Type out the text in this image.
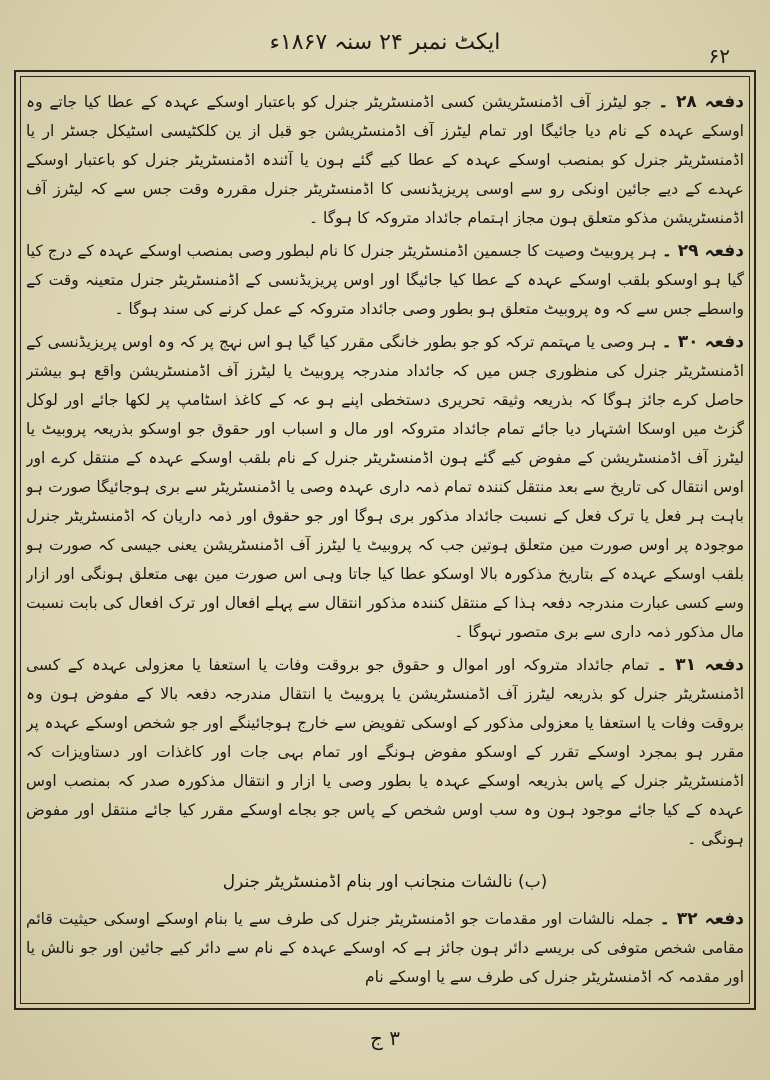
ایکٹ نمبر ۲۴ سنہ ۱۸۶۷ء
۶۲

دفعہ ۲۸ ۔ جو لیٹرز آف اڈمنسٹریشن کسی اڈمنسٹریٹر جنرل کو باعتبار اوسکے عہدہ کے عطا کیا جاتے وہ اوسکے عہدہ کے نام دیا جائیگا اور تمام لیٹرز آف اڈمنسٹریشن جو قبل از ین کلکٹیسی اسٹیکل جسٹر ار یا اڈمنسٹریٹر جنرل کو بمنصب اوسکے عہدہ کے عطا کیے گئے ہون یا آئندہ اڈمنسٹریٹر جنرل کو باعتبار اوسکے عہدے کے دیے جائین اونکی رو سے اوسی پریزیڈنسی کا اڈمنسٹریٹر جنرل مقررہ وقت جس سے کہ لیٹرز آف اڈمنسٹریشن مذکو متعلق ہون مجاز اہتمام جائداد متروکہ کا ہوگا ۔

دفعہ ۲۹ ۔ ہر پروبیٹ وصیت کا جسمین اڈمنسٹریٹر جنرل کا نام لبطور وصی بمنصب اوسکے عہدہ کے درج کیا گیا ہو اوسکو بلقب اوسکے عہدہ کے عطا کیا جائیگا اور اوس پریزیڈنسی کے اڈمنسٹریٹر جنرل متعینہ وقت کے واسطے جس سے کہ وہ پروبیٹ متعلق ہو بطور وصی جائداد متروکہ کے عمل کرنے کی سند ہوگا ۔

دفعہ ۳۰ ۔ ہر وصی یا مہتمم ترکہ کو جو بطور خانگی مقرر کیا گیا ہو اس نہج پر کہ وہ اوس پریزیڈنسی کے اڈمنسٹریٹر جنرل کی منظوری جس میں کہ جائداد مندرجہ پروبیٹ یا لیٹرز آف اڈمنسٹریشن واقع ہو بیشتر حاصل کرے جائز ہوگا کہ بذریعہ وثیقہ تحریری دستخطی اپنے ہو عہ کے کاغذ اسٹامپ پر لکھا جائے اور لوکل گزٹ میں اوسکا اشتہار دیا جائے تمام جائداد متروکہ اور مال و اسباب اور حقوق جو اوسکو بذریعہ پروبیٹ یا لیٹرز آف اڈمنسٹریشن کے مفوض کیے گئے ہون اڈمنسٹریٹر جنرل کے نام بلقب اوسکے عہدہ کے منتقل کرے اور اوس انتقال کی تاریخ سے بعد منتقل کنندہ تمام ذمہ داری عہدہ وصی یا اڈمنسٹریٹر سے بری ہوجائیگا صورت ہو باہت ہر فعل یا ترک فعل کے نسبت جائداد مذکور بری ہوگا اور جو حقوق اور ذمہ داریان کہ اڈمنسٹریٹر جنرل موجودہ پر اوس صورت مین متعلق ہوتین جب کہ پروبیٹ یا لیٹرز آف اڈمنسٹریشن یعنی جیسی کہ صورت ہو بلقب اوسکے عہدہ کے بتاریخ مذکورہ بالا اوسکو عطا کیا جاتا وہی اس صورت مین بھی متعلق ہونگی اور ازار وسے کسی عبارت مندرجہ دفعہ ہذا کے منتقل کنندہ مذکور انتقال سے پہلے افعال اور ترک افعال کی بابت نسبت مال مذکور ذمہ داری سے بری متصور نہوگا ۔

دفعہ ۳۱ ۔ تمام جائداد متروکہ اور اموال و حقوق جو بروقت وفات یا استعفا یا معزولی عہدہ کے کسی اڈمنسٹریٹر جنرل کو بذریعہ لیٹرز آف اڈمنسٹریشن یا پروبیٹ یا انتقال مندرجہ دفعہ بالا کے مفوض ہون وہ بروقت وفات یا استعفا یا معزولی مذکور کے اوسکی تفویض سے خارج ہوجائینگے اور جو شخص اوسکے عہدہ پر مقرر ہو بمجرد اوسکے تقرر کے اوسکو مفوض ہونگے اور تمام بہی جات اور کاغذات اور دستاویزات کہ اڈمنسٹریٹر جنرل کے پاس بذریعہ اوسکے عہدہ یا بطور وصی یا ازار و انتقال مذکورہ صدر کہ بمنصب اوس عہدہ کے کیا جائے موجود ہون وہ سب اوس شخص کے پاس جو بجاے اوسکے مقرر کیا جائے منتقل اور مفوض ہونگی ۔

(ب) نالشات منجانب اور بنام اڈمنسٹریٹر جنرل

دفعہ ۳۲ ۔ جملہ نالشات اور مقدمات جو اڈمنسٹریٹر جنرل کی طرف سے یا بنام اوسکے اوسکی حیثیت قائم مقامی شخص متوفی کی بریسے دائر ہون جائز ہے کہ اوسکے عہدہ کے نام سے دائر کیے جائین اور جو نالش یا اور مقدمہ کہ اڈمنسٹریٹر جنرل کی طرف سے یا اوسکے نام

۳ ج
